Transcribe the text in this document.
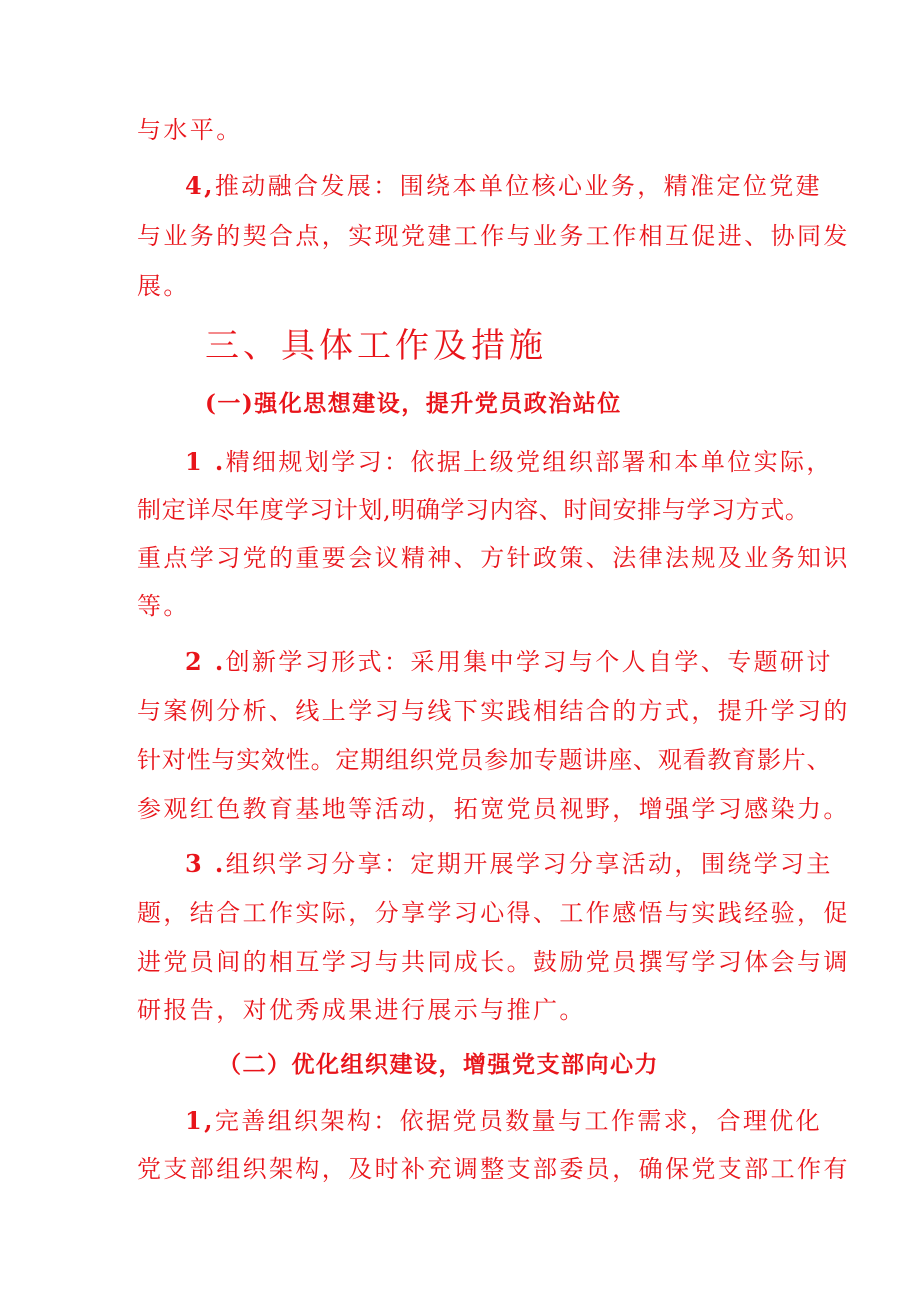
与水平。
4,推动融合发展：围绕本单位核心业务，精准定位党建
与业务的契合点，实现党建工作与业务工作相互促进、协同发
展。
三、具体工作及措施
(一)强化思想建设，提升党员政治站位
1 .精细规划学习：依据上级党组织部署和本单位实际，
制定详尽年度学习计划,明确学习内容、时间安排与学习方式。
重点学习党的重要会议精神、方针政策、法律法规及业务知识
等。
2 .创新学习形式：采用集中学习与个人自学、专题研讨
与案例分析、线上学习与线下实践相结合的方式，提升学习的
针对性与实效性。定期组织党员参加专题讲座、观看教育影片、
参观红色教育基地等活动，拓宽党员视野，增强学习感染力。
3 .组织学习分享：定期开展学习分享活动，围绕学习主
题，结合工作实际，分享学习心得、工作感悟与实践经验，促
进党员间的相互学习与共同成长。鼓励党员撰写学习体会与调
研报告，对优秀成果进行展示与推广。
（二）优化组织建设，增强党支部向心力
1,完善组织架构：依据党员数量与工作需求，合理优化
党支部组织架构，及时补充调整支部委员，确保党支部工作有
